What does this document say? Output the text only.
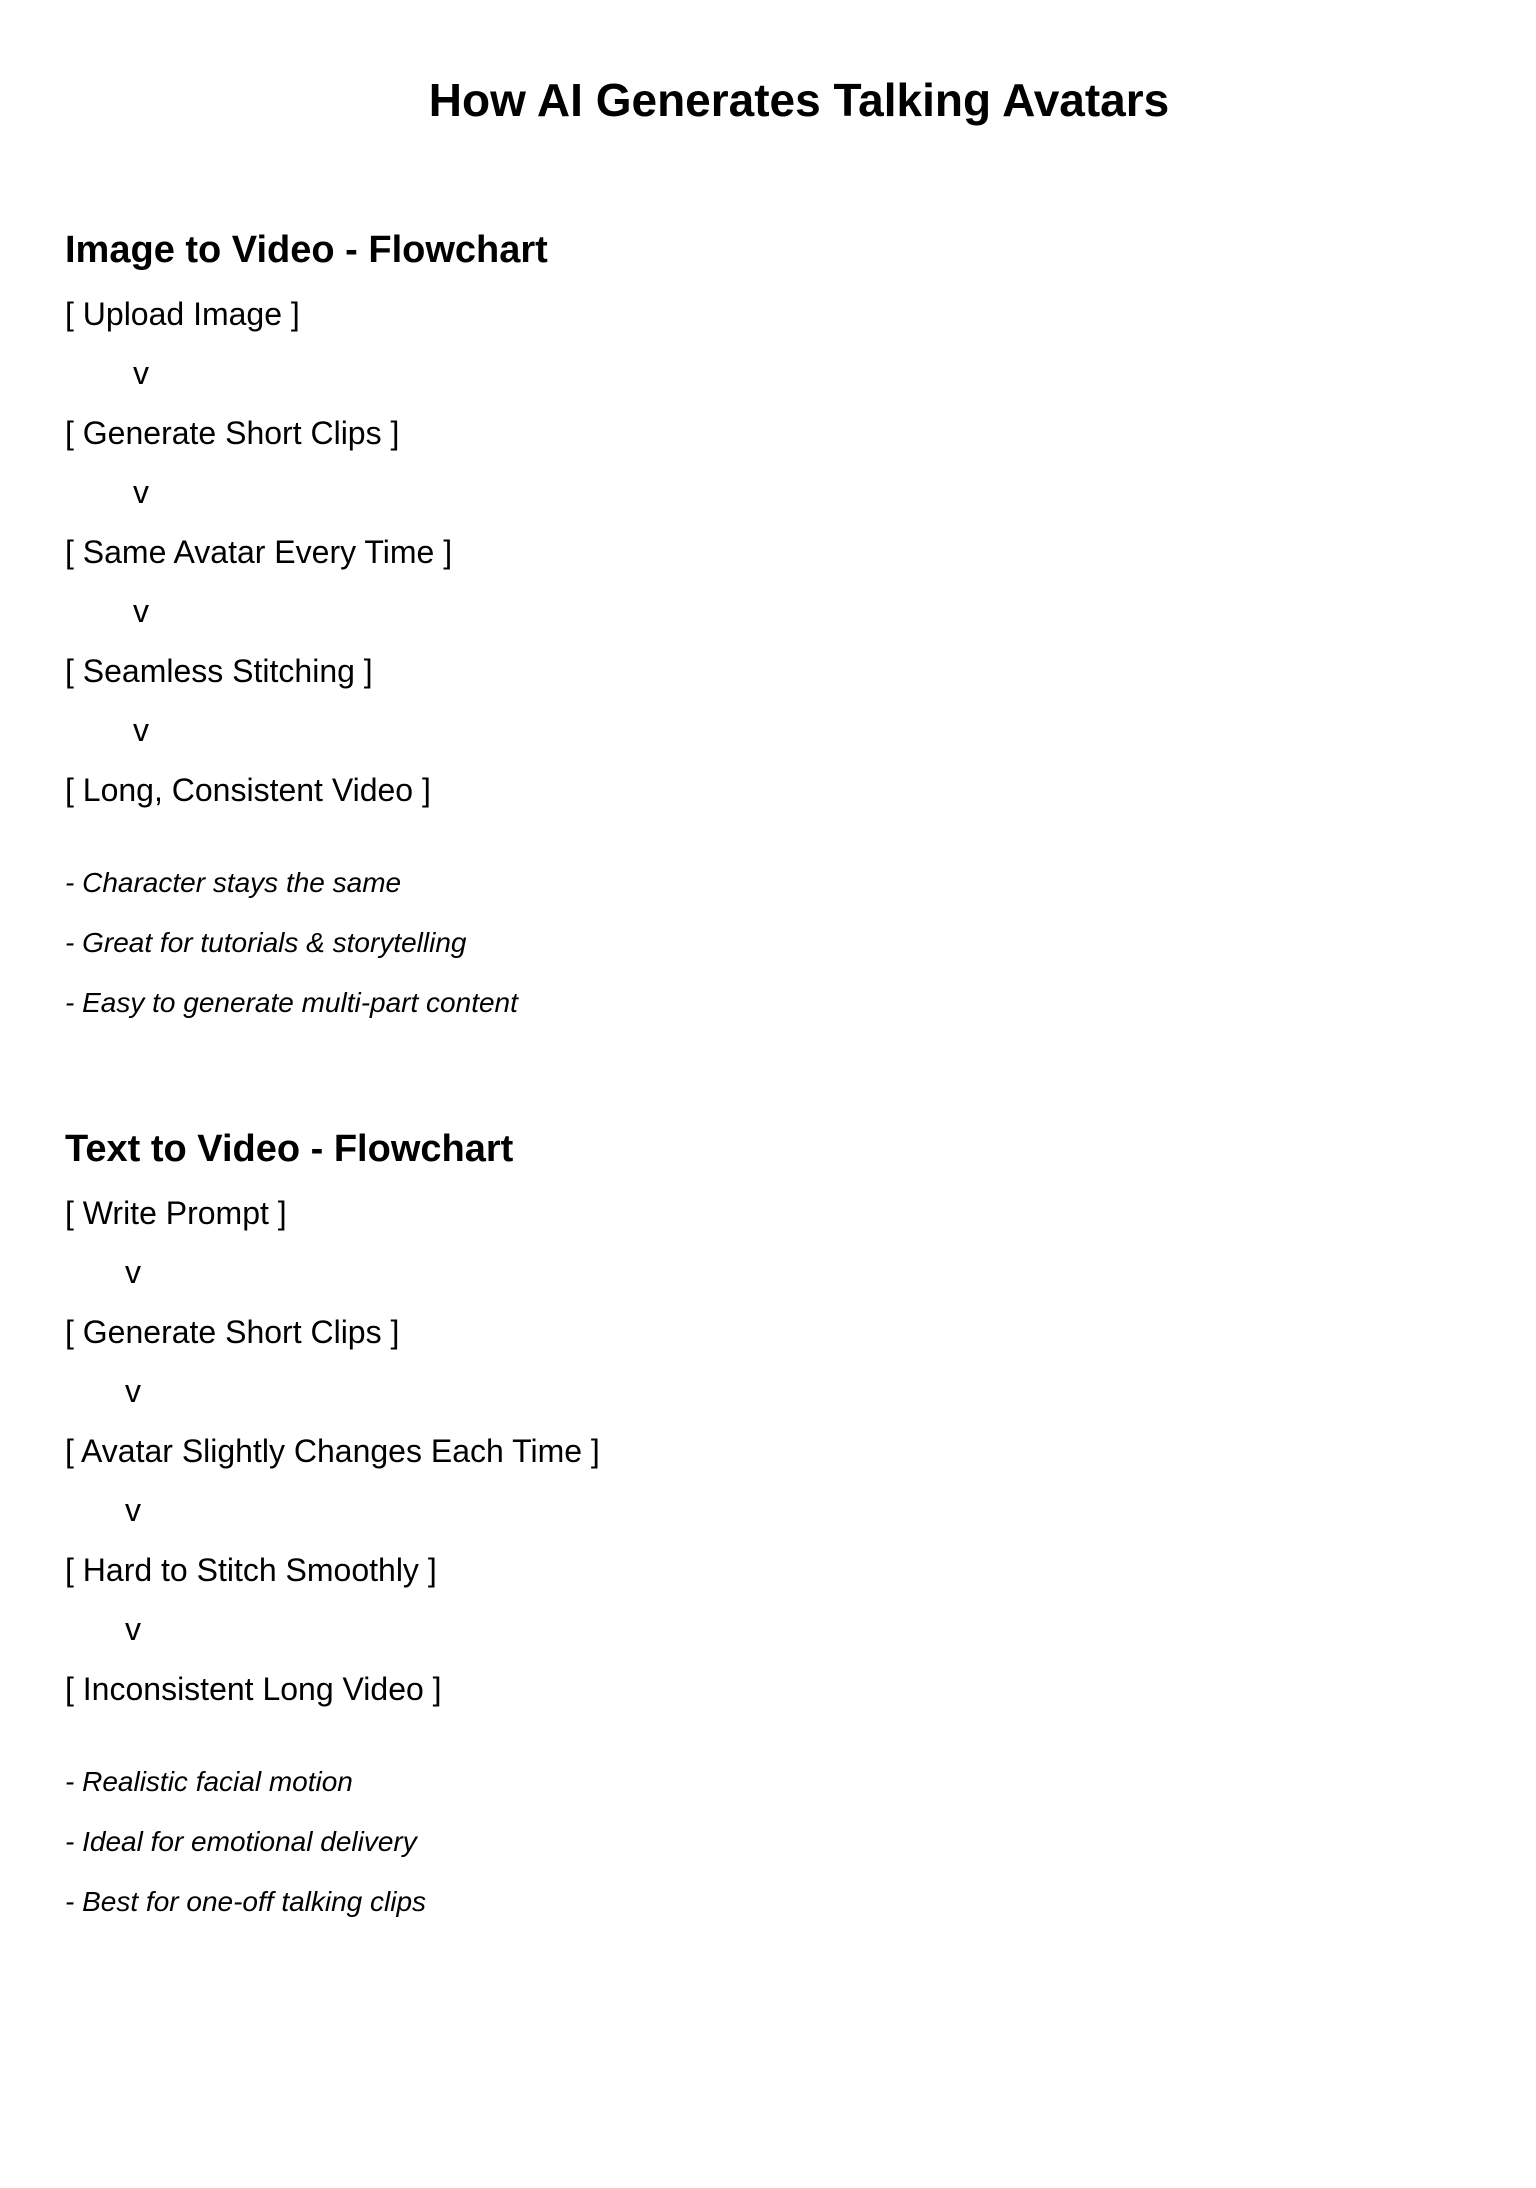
How AI Generates Talking Avatars
Image to Video - Flowchart
[ Upload Image ]
v
[ Generate Short Clips ]
v
[ Same Avatar Every Time ]
v
[ Seamless Stitching ]
v
[ Long, Consistent Video ]
- Character stays the same
- Great for tutorials & storytelling
- Easy to generate multi-part content
Text to Video - Flowchart
[ Write Prompt ]
v
[ Generate Short Clips ]
v
[ Avatar Slightly Changes Each Time ]
v
[ Hard to Stitch Smoothly ]
v
[ Inconsistent Long Video ]
- Realistic facial motion
- Ideal for emotional delivery
- Best for one-off talking clips
